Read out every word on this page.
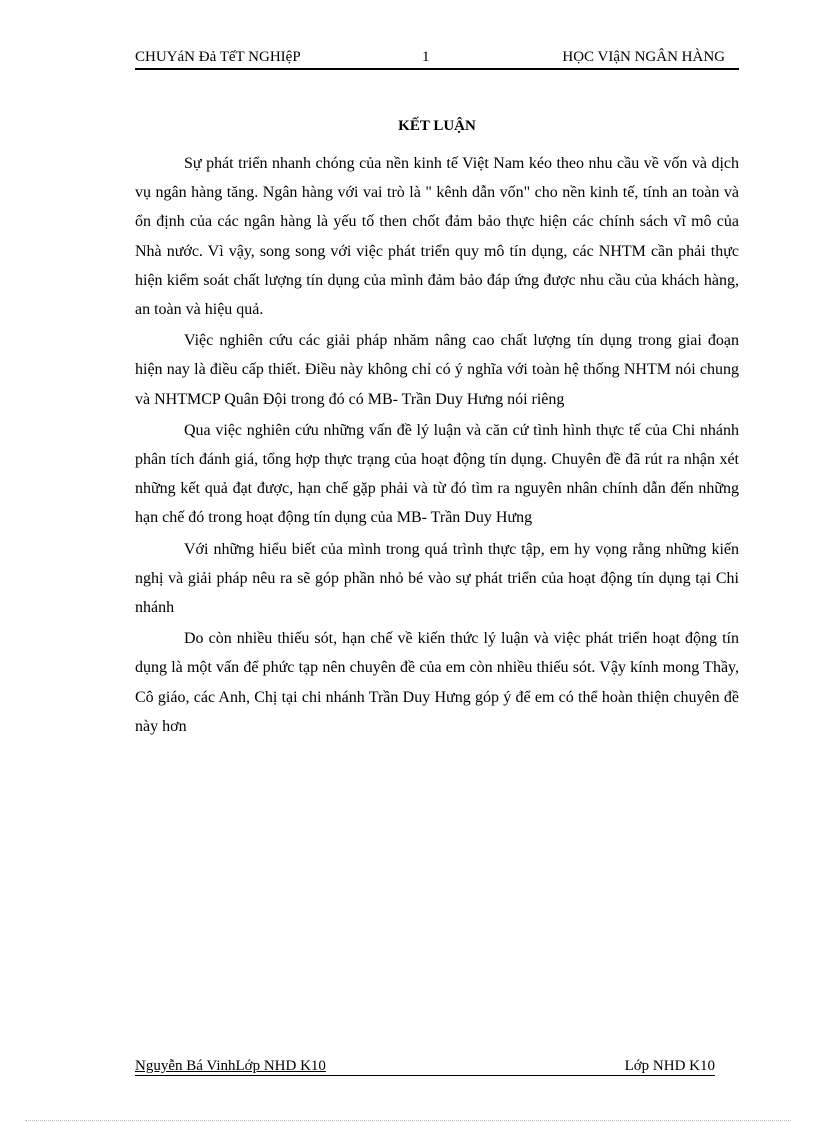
CHUYáN Đả TếT NGHIệP	1	HỌC VIậN NGÂN HÀNG
KẾT LUẬN

Sự phát triển nhanh chóng của nền kinh tế Việt Nam kéo theo nhu cầu về vốn và dịch vụ ngân hàng tăng. Ngân hàng với vai trò là " kênh dẫn vốn" cho nền kinh tế, tính an toàn và ổn định của các ngân hàng là yếu tố then chốt đảm bảo thực hiện các chính sách vĩ mô của Nhà nước. Vì vậy, song song với việc phát triển quy mô tín dụng, các NHTM cần phải thực hiện kiểm soát chất lượng tín dụng của mình đảm bảo đáp ứng được nhu cầu của khách hàng, an toàn và hiệu quả.

Việc nghiên cứu các giải pháp nhăm nâng cao chất lượng tín dụng trong giai đoạn hiện nay là điều cấp thiết. Điều này không chỉ có ý nghĩa với toàn hệ thống NHTM nói chung và NHTMCP Quân Đội trong đó có MB- Trần Duy Hưng nói riêng

Qua việc nghiên cứu những vấn đề lý luận và căn cứ tình hình thực tế của Chi nhánh phân tích đánh giá, tổng hợp thực trạng của hoạt động tín dụng. Chuyên đề đã rút ra nhận xét những kết quả đạt được, hạn chế gặp phải và từ đó tìm ra nguyên nhân chính dẫn đến những hạn chế đó trong hoạt động tín dụng của MB- Trần Duy Hưng

Với những hiểu biết của mình trong quá trình thực tập, em hy vọng rằng những kiến nghị và giải pháp nêu ra sẽ góp phần nhỏ bé vào sự phát triển của hoạt động tín dụng tại Chi nhánh

Do còn nhiều thiếu sót, hạn chế về kiến thức lý luận và việc phát triển hoạt động tín dụng là một vấn để phức tạp nên chuyên đề của em còn nhiều thiếu sót. Vậy kính mong Thầy, Cô giáo, các Anh, Chị tại chi nhánh Trần Duy Hưng góp ý để em có thể hoàn thiện chuyên đề này hơn

Nguyễn Bá VinhLớp NHD K10	Lớp NHD K10
